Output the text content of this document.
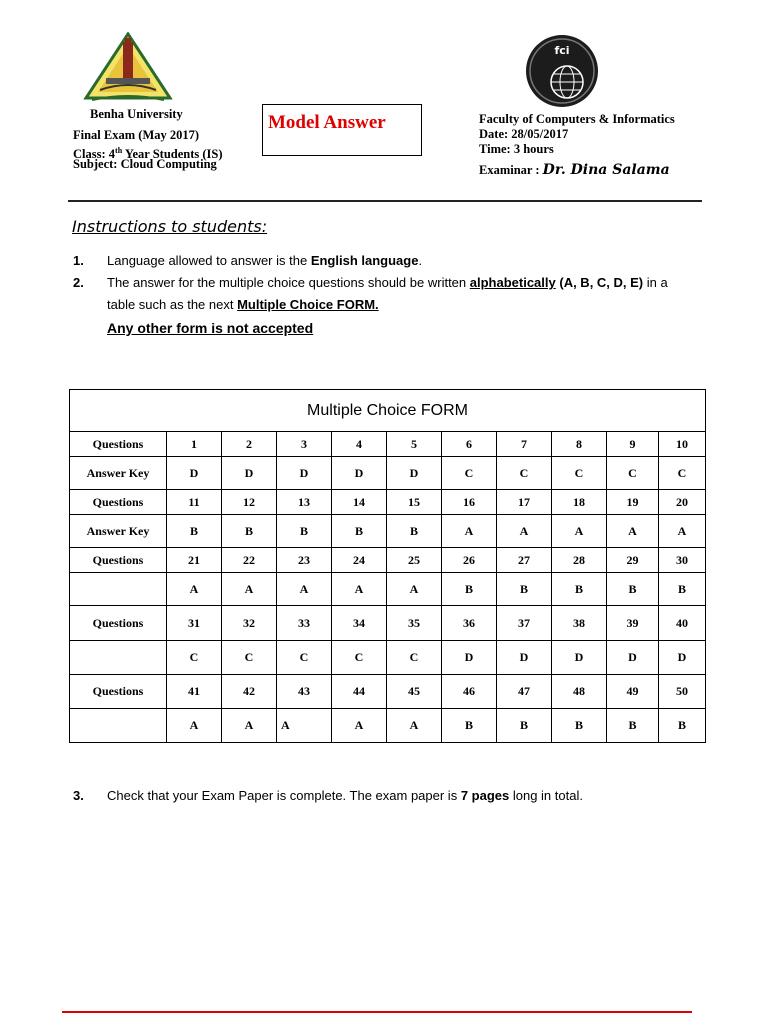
fci
Benha University
Final Exam (May 2017)
Class: 4th Year Students (IS)
Subject: Cloud Computing
Model Answer	Faculty of Computers & Informatics
Date: 28/05/2017
Time: 3 hours
Examinar : Dr. Dina Salama
Instructions to students:
1. Language allowed to answer is the English language.
2. The answer for the multiple choice questions should be written alphabetically (A, B, C, D, E) in a
table such as the next Multiple Choice FORM.
Any other form is not accepted
Multiple Choice FORM										
Questions	1	2	3	4	5	6	7	8	9	10
Answer Key	D	D	D	D	D	C	C	C	C	C
Questions	11	12	13	14	15	16	17	18	19	20
Answer Key	B	B	B	B	B	A	A	A	A	A
Questions	21	22	23	24	25	26	27	28	29	30
	A	A	A	A	A	B	B	B	B	B
Questions	31	32	33	34	35	36	37	38	39	40
	C	C	C	C	C	D	D	D	D	D
Questions	41	42	43	44	45	46	47	48	49	50
	A	A	A	A	A	B	B	B	B	B
3. Check that your Exam Paper is complete. The exam paper is 7 pages long in total.
